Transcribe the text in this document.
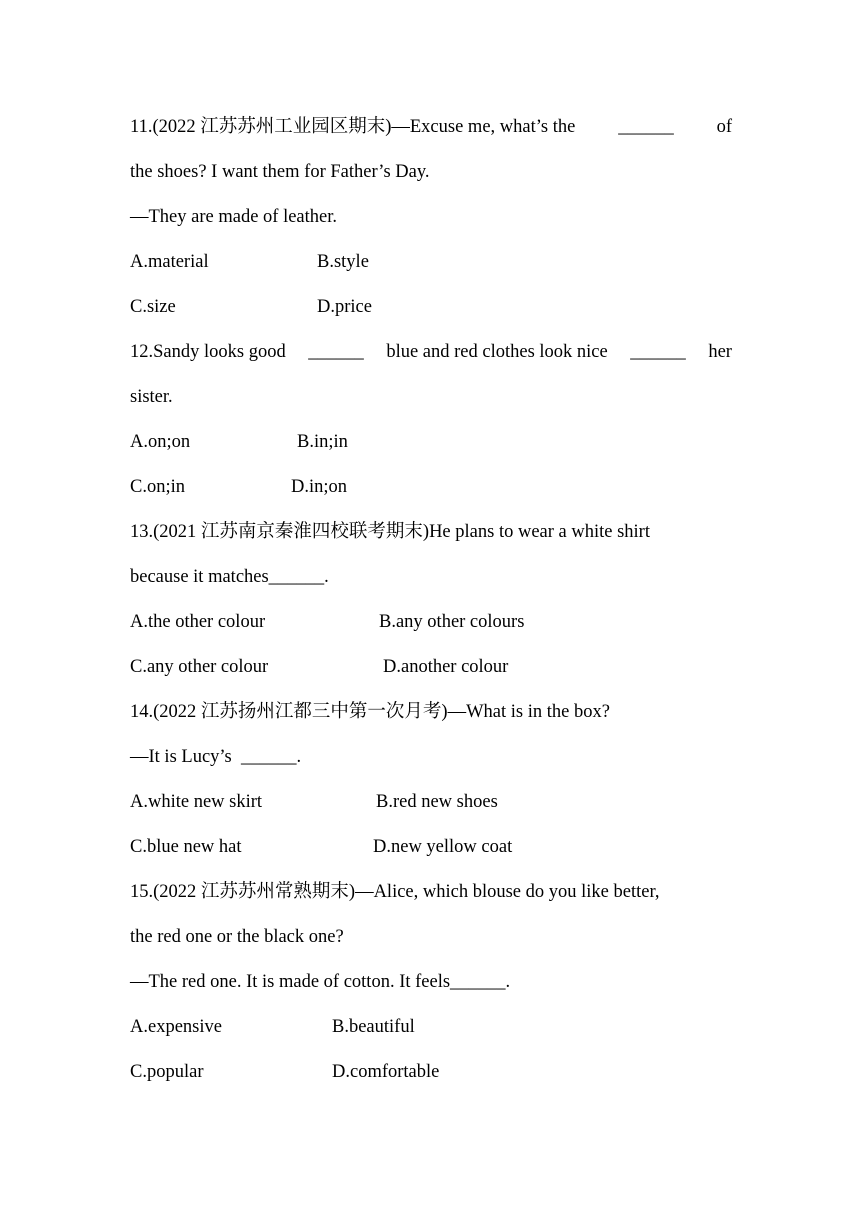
11.(2022 江苏苏州工业园区期末)—Excuse me, what’s the ______ of
the shoes? I want them for Father’s Day.
—They are made of leather.
A.material	B.style
C.size	D.price
12.Sandy looks good ______ blue and red clothes look nice ______ her
sister.
A.on;on	B.in;in
C.on;in	D.in;on
13.(2021 江苏南京秦淮四校联考期末)He plans to wear a white shirt
because it matches______.
A.the other colour	B.any other colours
C.any other colour	D.another colour
14.(2022 江苏扬州江都三中第一次月考)—What is in the box?
—It is Lucy’s  ______.
A.white new skirt	B.red new shoes
C.blue new hat	D.new yellow coat
15.(2022 江苏苏州常熟期末)—Alice, which blouse do you like better,
the red one or the black one?
—The red one. It is made of cotton. It feels______.
A.expensive	B.beautiful
C.popular	D.comfortable
